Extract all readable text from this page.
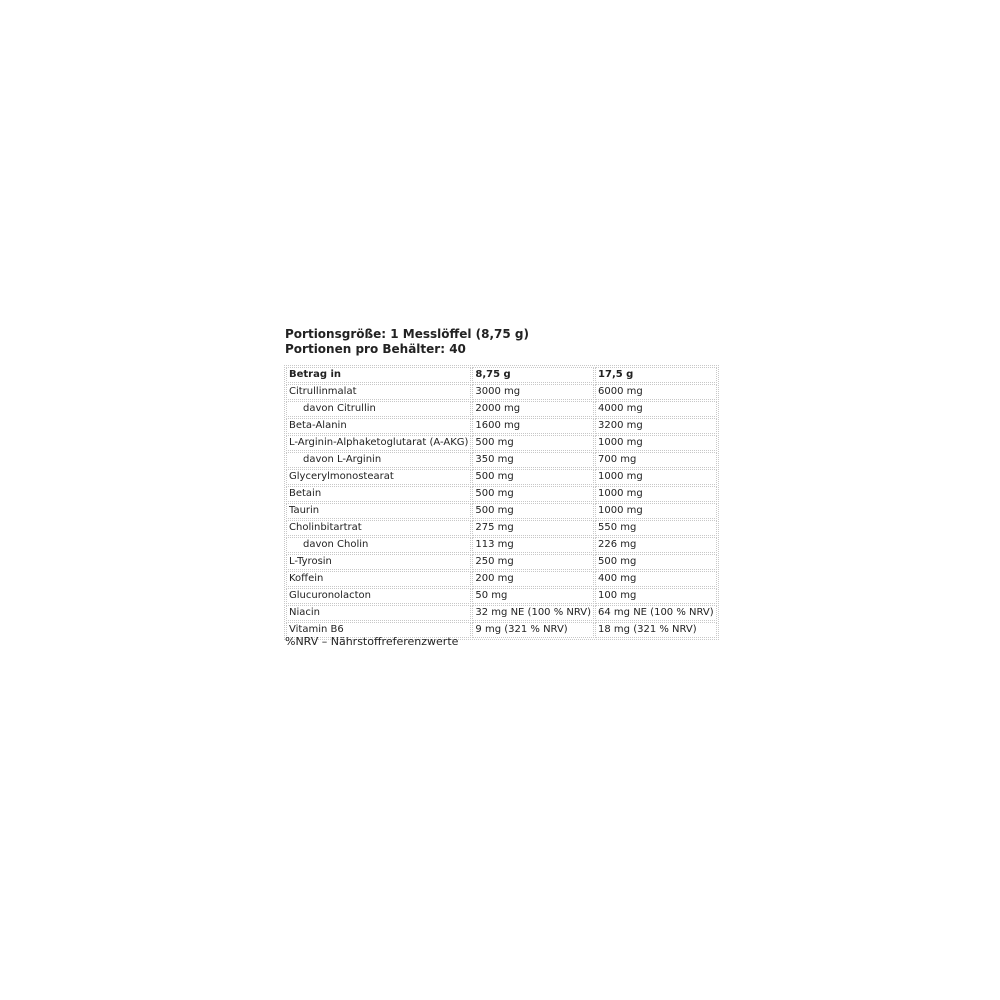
Portionsgröße: 1 Messlöffel (8,75 g)
Portionen pro Behälter: 40
Betrag in	8,75 g	17,5 g
Citrullinmalat	3000 mg	6000 mg
davon Citrullin	2000 mg	4000 mg
Beta-Alanin	1600 mg	3200 mg
L-Arginin-Alphaketoglutarat (A-AKG)	500 mg	1000 mg
davon L-Arginin	350 mg	700 mg
Glycerylmonostearat	500 mg	1000 mg
Betain	500 mg	1000 mg
Taurin	500 mg	1000 mg
Cholinbitartrat	275 mg	550 mg
davon Cholin	113 mg	226 mg
L-Tyrosin	250 mg	500 mg
Koffein	200 mg	400 mg
Glucuronolacton	50 mg	100 mg
Niacin	32 mg NE (100 % NRV)	64 mg NE (100 % NRV)
Vitamin B6	9 mg (321 % NRV)	18 mg (321 % NRV)
%NRV – Nährstoffreferenzwerte
